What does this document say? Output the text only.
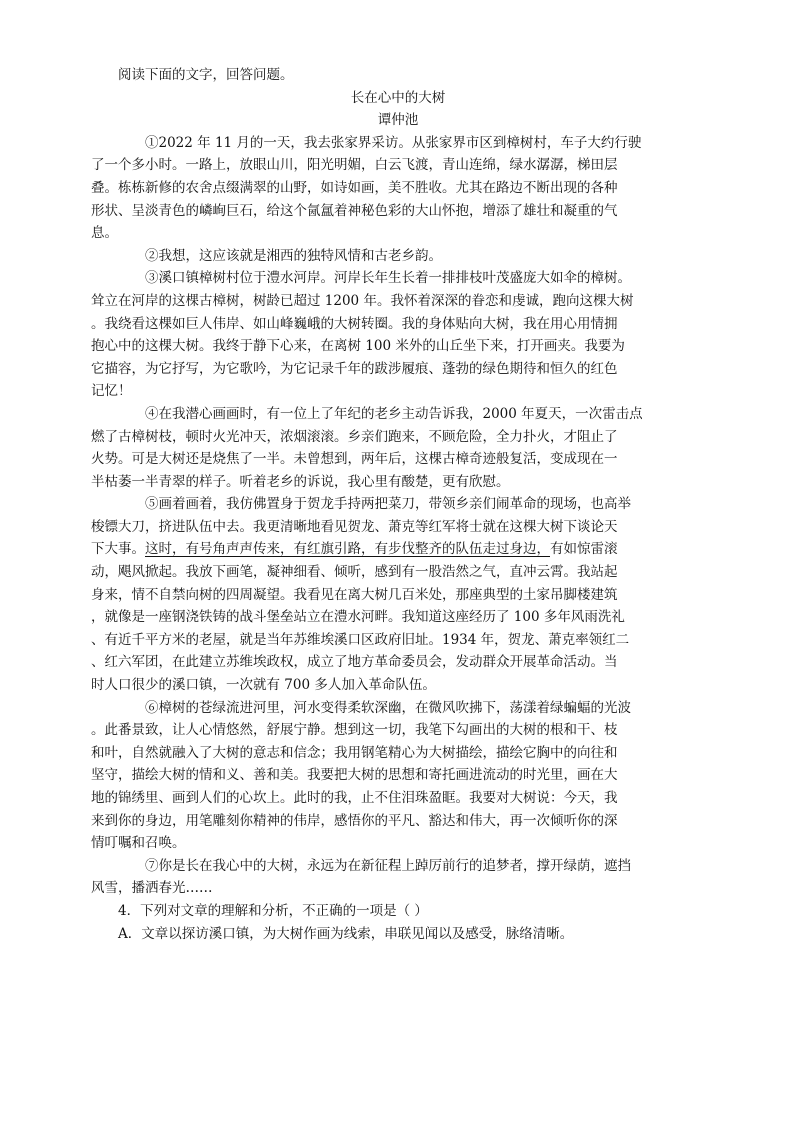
阅读下面的文字，回答问题。

长在心中的大树

谭仲池

①2022 年 11 月的一天，我去张家界采访。从张家界市区到樟树村，车子大约行驶
了一个多小时。一路上，放眼山川，阳光明媚，白云飞渡，青山连绵，绿水潺潺，梯田层
叠。栋栋新修的农舍点缀满翠的山野，如诗如画，美不胜收。尤其在路边不断出现的各种
形状、呈淡青色的嶙峋巨石，给这个氤氲着神秘色彩的大山怀抱，增添了雄壮和凝重的气
息。

②我想，这应该就是湘西的独特风情和古老乡韵。

③溪口镇樟树村位于澧水河岸。河岸长年生长着一排排枝叶茂盛庞大如伞的樟树。
耸立在河岸的这棵古樟树，树龄已超过 1200 年。我怀着深深的眷恋和虔诚，跑向这棵大树
。我绕看这棵如巨人伟岸、如山峰巍峨的大树转圈。我的身体贴向大树，我在用心用情拥
抱心中的这棵大树。我终于静下心来，在离树 100 米外的山丘坐下来，打开画夹。我要为
它描容，为它抒写，为它歌吟，为它记录千年的跋涉履痕、蓬勃的绿色期待和恒久的红色
记忆！

④在我潜心画画时，有一位上了年纪的老乡主动告诉我，2000 年夏天，一次雷击点
燃了古樟树枝，顿时火光冲天，浓烟滚滚。乡亲们跑来，不顾危险，全力扑火，才阻止了
火势。可是大树还是烧焦了一半。未曾想到，两年后，这棵古樟奇迹般复活，变成现在一
半枯萎一半青翠的样子。听着老乡的诉说，我心里有酸楚，更有欣慰。

⑤画着画着，我仿佛置身于贺龙手持两把菜刀，带领乡亲们闹革命的现场，也高举
梭镖大刀，挤进队伍中去。我更清晰地看见贺龙、萧克等红军将士就在这棵大树下谈论天
下大事。这时，有号角声声传来，有红旗引路，有步伐整齐的队伍走过身边，有如惊雷滚
动，飓风掀起。我放下画笔，凝神细看、倾听，感到有一股浩然之气，直冲云霄。我站起
身来，情不自禁向树的四周凝望。我看见在离大树几百米处，那座典型的土家吊脚楼建筑
，就像是一座钢浇铁铸的战斗堡垒站立在澧水河畔。我知道这座经历了 100 多年风雨洗礼
、有近千平方米的老屋，就是当年苏维埃溪口区政府旧址。1934 年，贺龙、萧克率领红二
、红六军团，在此建立苏维埃政权，成立了地方革命委员会，发动群众开展革命活动。当
时人口很少的溪口镇，一次就有 700 多人加入革命队伍。

⑥樟树的苍绿流进河里，河水变得柔软深幽，在微风吹拂下，荡漾着绿蝙蝠的光波
。此番景致，让人心情悠然，舒展宁静。想到这一切，我笔下勾画出的大树的根和干、枝
和叶，自然就融入了大树的意志和信念；我用钢笔精心为大树描绘，描绘它胸中的向往和
坚守，描绘大树的情和义、善和美。我要把大树的思想和寄托画进流动的时光里，画在大
地的锦绣里、画到人们的心坎上。此时的我，止不住泪珠盈眶。我要对大树说：今天，我
来到你的身边，用笔雕刻你精神的伟岸，感悟你的平凡、豁达和伟大，再一次倾听你的深
情叮嘱和召唤。

⑦你是长在我心中的大树，永远为在新征程上踔厉前行的追梦者，撑开绿荫，遮挡
风雪，播洒春光……

4．下列对文章的理解和分析，不正确的一项是（ ）

A．文章以探访溪口镇，为大树作画为线索，串联见闻以及感受，脉络清晰。
